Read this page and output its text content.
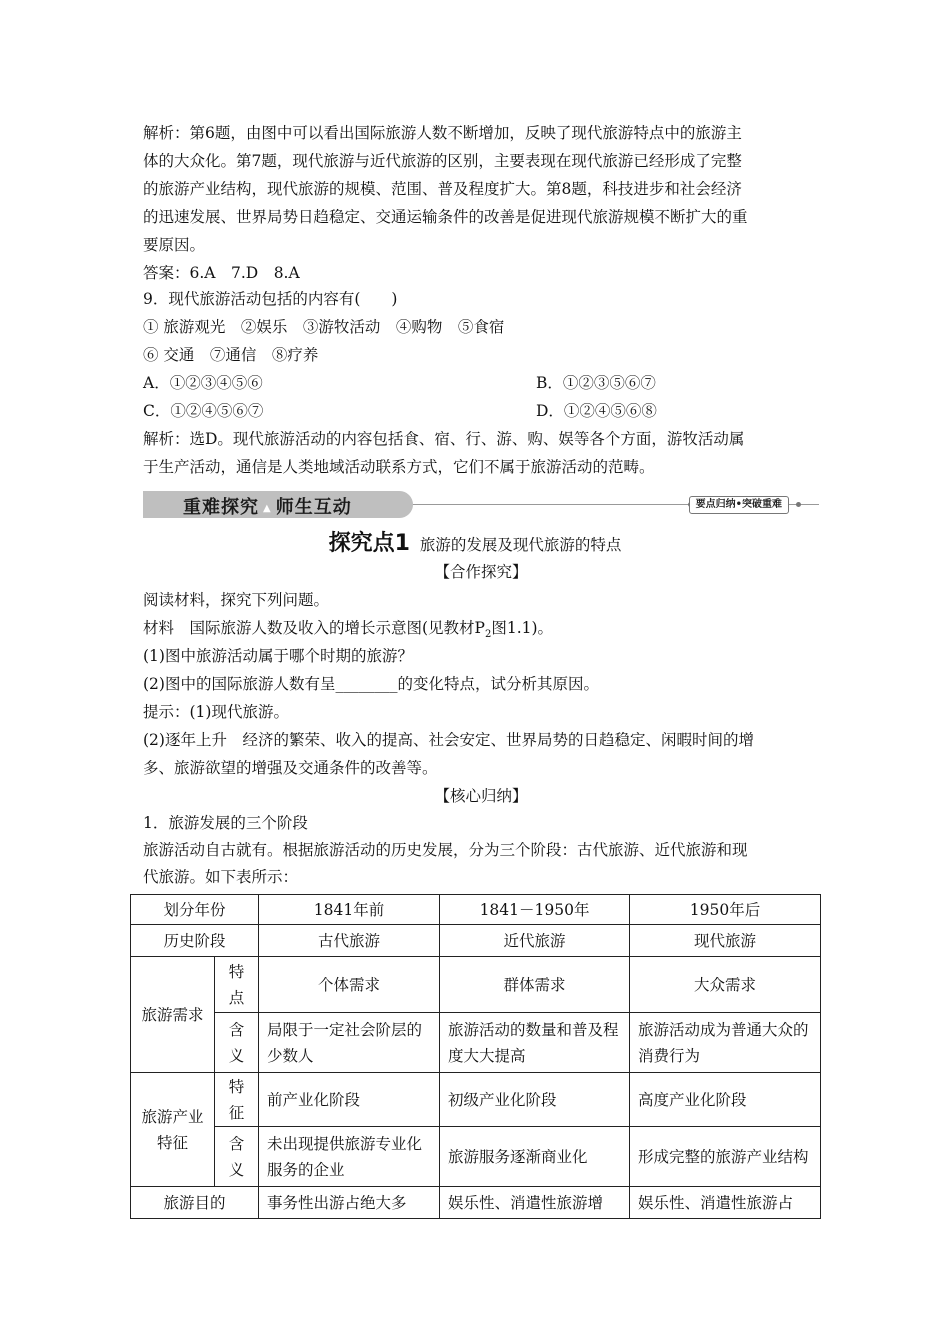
解析：第6题，由图中可以看出国际旅游人数不断增加，反映了现代旅游特点中的旅游主
体的大众化。第7题，现代旅游与近代旅游的区别，主要表现在现代旅游已经形成了完整
的旅游产业结构，现代旅游的规模、范围、普及程度扩大。第8题，科技进步和社会经济
的迅速发展、世界局势日趋稳定、交通运输条件的改善是促进现代旅游规模不断扩大的重
要原因。
答案：6.A　7.D　8.A
9．现代旅游活动包括的内容有(　　)
① 旅游观光　②娱乐　③游牧活动　④购物　⑤食宿
⑥ 交通　⑦通信　⑧疗养
A．①②③④⑤⑥	B．①②③⑤⑥⑦
C．①②④⑤⑥⑦	D．①②④⑤⑥⑧
解析：选D。现代旅游活动的内容包括食、宿、行、游、购、娱等各个方面，游牧活动属
于生产活动，通信是人类地域活动联系方式，它们不属于旅游活动的范畴。
重难探究 ▲ 师生互动	要点归纳•突破重难
探究点1 旅游的发展及现代旅游的特点
【合作探究】
阅读材料，探究下列问题。
材料　国际旅游人数及收入的增长示意图(见教材$P_2$图1.1)。
(1)图中旅游活动属于哪个时期的旅游？
(2)图中的国际旅游人数有呈________的变化特点，试分析其原因。
提示：(1)现代旅游。
(2)逐年上升　经济的繁荣、收入的提高、社会安定、世界局势的日趋稳定、闲暇时间的增
多、旅游欲望的增强及交通条件的改善等。
【核心归纳】
1．旅游发展的三个阶段
旅游活动自古就有。根据旅游活动的历史发展，分为三个阶段：古代旅游、近代旅游和现
代旅游。如下表所示：
划分年份		1841年前	1841－1950年	1950年后
历史阶段		古代旅游	近代旅游	现代旅游
旅游需求	特点	个体需求	群体需求	大众需求
	含义	局限于一定社会阶层的少数人	旅游活动的数量和普及程度大大提高	旅游活动成为普通大众的消费行为
旅游产业特征	特征	前产业化阶段	初级产业化阶段	高度产业化阶段
	含义	未出现提供旅游专业化服务的企业	旅游服务逐渐商业化	形成完整的旅游产业结构
旅游目的		事务性出游占绝大多	娱乐性、消遣性旅游增	娱乐性、消遣性旅游占
